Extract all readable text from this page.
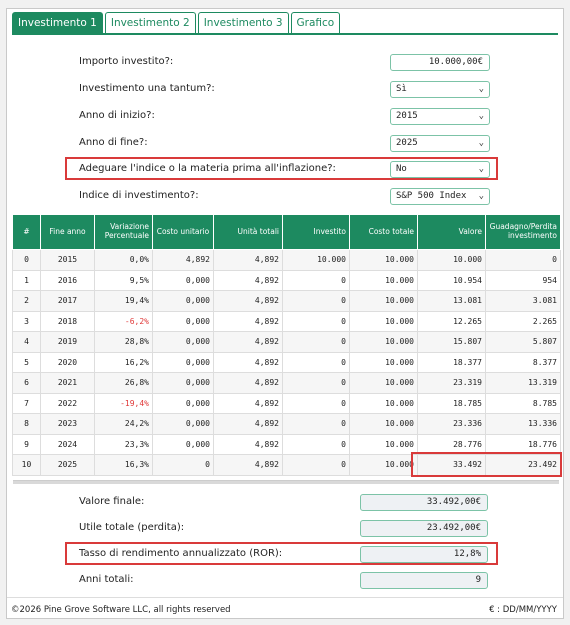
Investimento 1	Investimento 2	Investimento 3	Grafico
Importo investito?:	10.000,00€
Investimento una tantum?:	Sì	⌄
Anno di inizio?:	2015	⌄
Anno di fine?:	2025	⌄
Adeguare l'indice o la materia prima all'inflazione?:	No	⌄
Indice di investimento?:	S&P 500 Index ⌄
#	Fine anno	Variazione Percentuale	Costo unitario	Unità totali	Investito	Costo totale	Valore	Guadagno/Perdita investimento
0	2015	0,0%	4,892	4,892	10.000	10.000	10.000	0
1	2016	9,5%	0,000	4,892	0	10.000	10.954	954
2	2017	19,4%	0,000	4,892	0	10.000	13.081	3.081
3	2018	-6,2%	0,000	4,892	0	10.000	12.265	2.265
4	2019	28,8%	0,000	4,892	0	10.000	15.807	5.807
5	2020	16,2%	0,000	4,892	0	10.000	18.377	8.377
6	2021	26,8%	0,000	4,892	0	10.000	23.319	13.319
7	2022	-19,4%	0,000	4,892	0	10.000	18.785	8.785
8	2023	24,2%	0,000	4,892	0	10.000	23.336	13.336
9	2024	23,3%	0,000	4,892	0	10.000	28.776	18.776
10	2025	16,3%	0	4,892	0	10.000	33.492	23.492
Valore finale:	33.492,00€
Utile totale (perdita):	23.492,00€
Tasso di rendimento annualizzato (ROR):	12,8%
Anni totali:	9
©2026 Pine Grove Software LLC, all rights reserved	€ : DD/MM/YYYY
